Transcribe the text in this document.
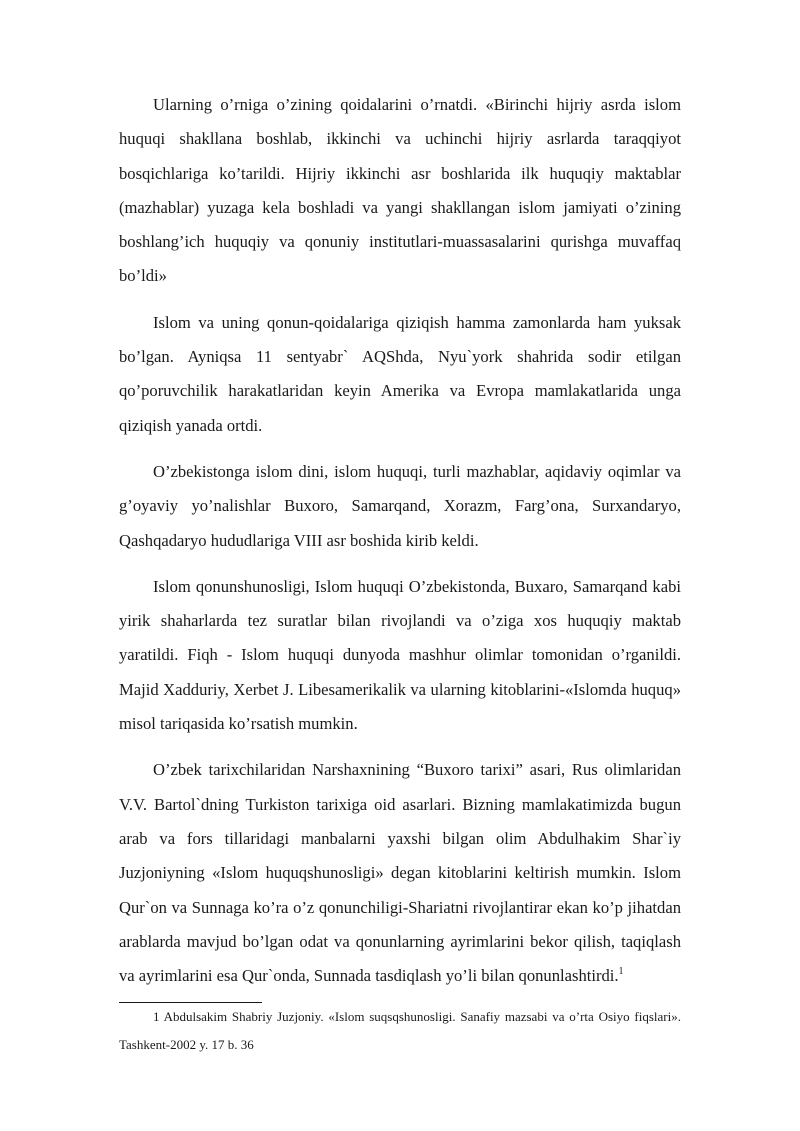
Ularning o’rniga o’zining qoidalarini o’rnatdi. «Birinchi hijriy asrda islom huquqi shakllana boshlab, ikkinchi va uchinchi hijriy asrlarda taraqqiyot bosqichlariga ko’tarildi. Hijriy ikkinchi asr boshlarida ilk huquqiy maktablar (mazhablar) yuzaga kela boshladi va yangi shakllangan islom jamiyati o’zining boshlang’ich huquqiy va qonuniy institutlari-muassasalarini qurishga muvaffaq bo’ldi»

Islom va uning qonun-qoidalariga qiziqish hamma zamonlarda ham yuksak bo’lgan. Ayniqsa 11 sentyabr` AQShda, Nyu`york shahrida sodir etilgan qo’poruvchilik harakatlaridan keyin Amerika va Evropa mamlakatlarida unga qiziqish yanada ortdi.

O’zbekistonga islom dini, islom huquqi, turli mazhablar, aqidaviy oqimlar va g’oyaviy yo’nalishlar Buxoro, Samarqand, Xorazm, Farg’ona, Surxandaryo, Qashqadaryo hududlariga VIII asr boshida kirib keldi.

Islom qonunshunosligi, Islom huquqi O’zbekistonda, Buxaro, Samarqand kabi yirik shaharlarda tez suratlar bilan rivojlandi va o’ziga xos huquqiy maktab yaratildi. Fiqh - Islom huquqi dunyoda mashhur olimlar tomonidan o’rganildi. Majid Xadduriy, Xerbet J. Libesamerikalik va ularning kitoblarini-«Islomda huquq» misol tariqasida ko’rsatish mumkin.

O’zbek tarixchilaridan Narshaxnining “Buxoro tarixi” asari, Rus olimlaridan V.V. Bartol`dning Turkiston tarixiga oid asarlari. Bizning mamlakatimizda bugun arab va fors tillaridagi manbalarni yaxshi bilgan olim Abdulhakim Shar`iy Juzjoniyning «Islom huquqshunosligi» degan kitoblarini keltirish mumkin. Islom Qur`on va Sunnaga ko’ra o’z qonunchiligi-Shariatni rivojlantirar ekan ko’p jihatdan arablarda mavjud bo’lgan odat va qonunlarning ayrimlarini bekor qilish, taqiqlash va ayrimlarini esa Qur`onda, Sunnada tasdiqlash yo’li bilan qonunlashtirdi.$^1$

1 Abdulsakim Shabriy Juzjoniy. «Islom suqsqshunosligi. Sanafiy mazsabi va o’rta Osiyo fiqslari». Tashkent-2002 y. 17 b. 36
